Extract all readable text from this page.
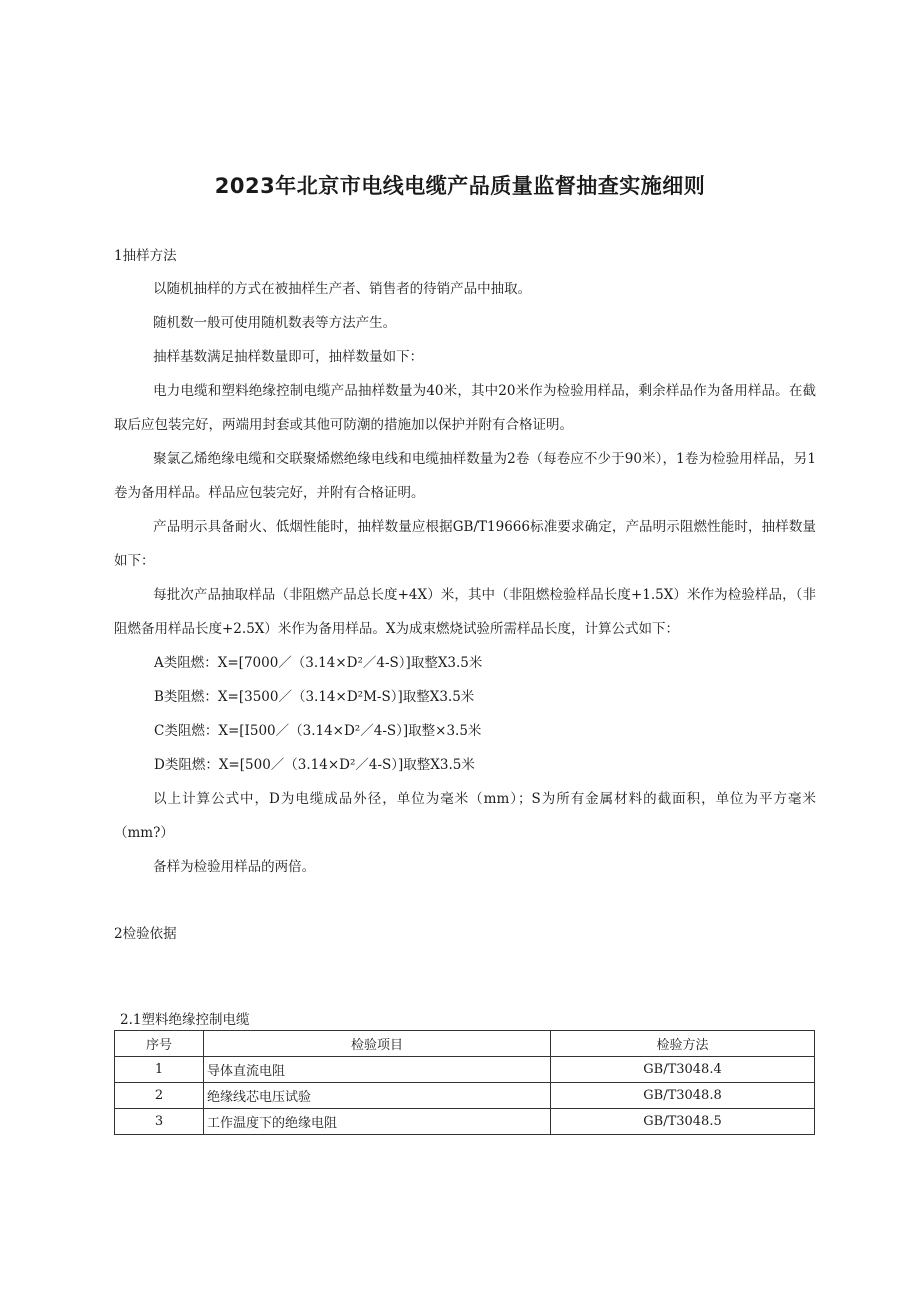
2023年北京市电线电缆产品质量监督抽查实施细则

1抽样方法

以随机抽样的方式在被抽样生产者、销售者的待销产品中抽取。

随机数一般可使用随机数表等方法产生。

抽样基数满足抽样数量即可，抽样数量如下：

电力电缆和塑料绝缘控制电缆产品抽样数量为40米，其中20米作为检验用样品，剩余样品作为备用样品。在截取后应包装完好，两端用封套或其他可防潮的措施加以保护并附有合格证明。

聚氯乙烯绝缘电缆和交联聚烯燃绝缘电线和电缆抽样数量为2卷（每卷应不少于90米），1卷为检验用样品，另1卷为备用样品。样品应包装完好，并附有合格证明。

产品明示具备耐火、低烟性能时，抽样数量应根据GB/T19666标准要求确定，产品明示阻燃性能时，抽样数量如下：

每批次产品抽取样品（非阻燃产品总长度+4X）米，其中（非阻燃检验样品长度+1.5X）米作为检验样品，（非阻燃备用样品长度+2.5X）米作为备用样品。X为成束燃烧试验所需样品长度，计算公式如下：

A类阻燃：X=[7000／（3.14×D²／4-S）]取整X3.5米

B类阻燃：X=[3500／（3.14×D²M-S）]取整X3.5米

C类阻燃：X=[I500／（3.14×D²／4-S）]取整×3.5米

D类阻燃：X=[500／（3.14×D²／4-S）]取整X3.5米

以上计算公式中，D为电缆成品外径，单位为毫米（mm）；S为所有金属材料的截面积，单位为平方毫米（mm?）

备样为检验用样品的两倍。

2检验依据

2.1塑料绝缘控制电缆
序号	检验项目	检验方法
1	导体直流电阻	GB/T3048.4
2	绝缘线芯电压试验	GB/T3048.8
3	工作温度下的绝缘电阻	GB/T3048.5
